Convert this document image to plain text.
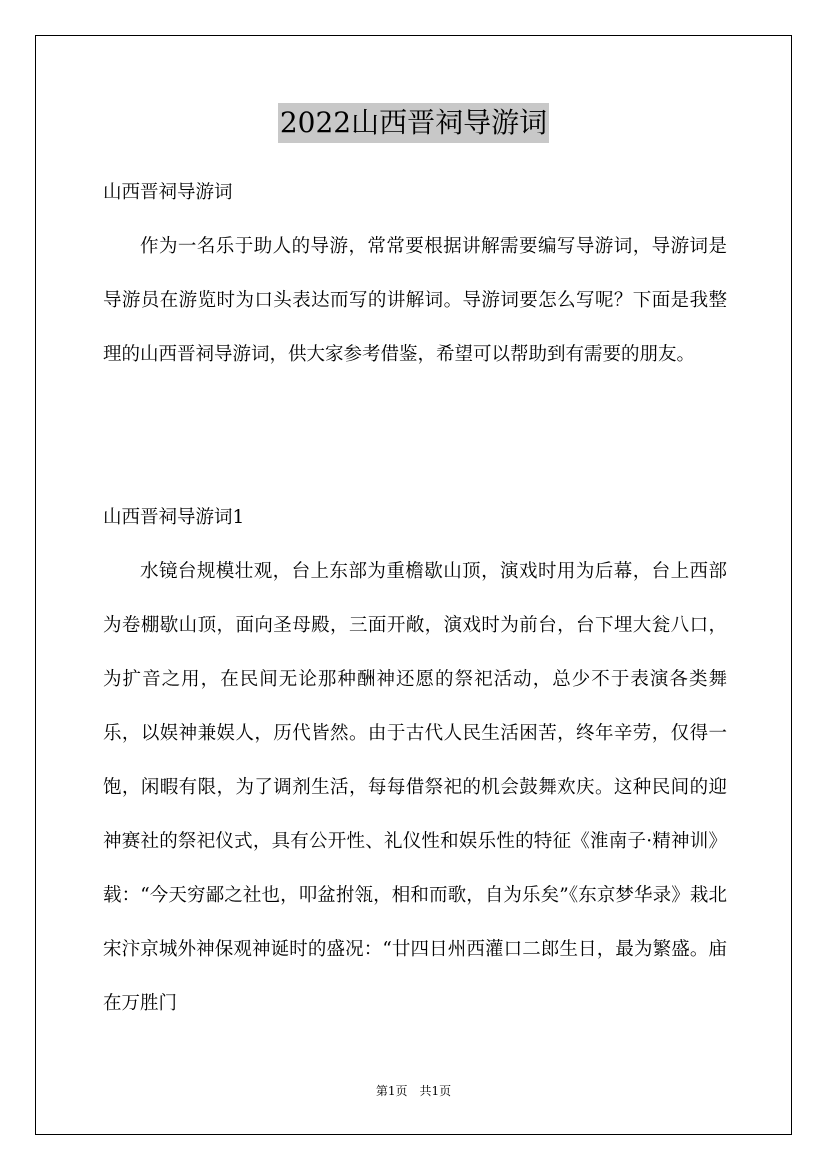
2022山西晋祠导游词
山西晋祠导游词
作为一名乐于助人的导游，常常要根据讲解需要编写导游词，导游词是导游员在游览时为口头表达而写的讲解词。导游词要怎么写呢？下面是我整理的山西晋祠导游词，供大家参考借鉴，希望可以帮助到有需要的朋友。
山西晋祠导游词1
水镜台规模壮观，台上东部为重檐歇山顶，演戏时用为后幕，台上西部为卷棚歇山顶，面向圣母殿，三面开敞，演戏时为前台，台下埋大瓮八口，为扩音之用，在民间无论那种酬神还愿的祭祀活动，总少不于表演各类舞乐，以娱神兼娱人，历代皆然。由于古代人民生活困苦，终年辛劳，仅得一饱，闲暇有限，为了调剂生活，每每借祭祀的机会鼓舞欢庆。这种民间的迎神赛社的祭祀仪式，具有公开性、礼仪性和娱乐性的特征《淮南子·精神训》载：“今天穷鄙之社也，叩盆拊瓴，相和而歌，自为乐矣”《东京梦华录》栽北宋汴京城外神保观神诞时的盛况：“廿四日州西灌口二郎生日，最为繁盛。庙在万胜门
第1页　共1页
